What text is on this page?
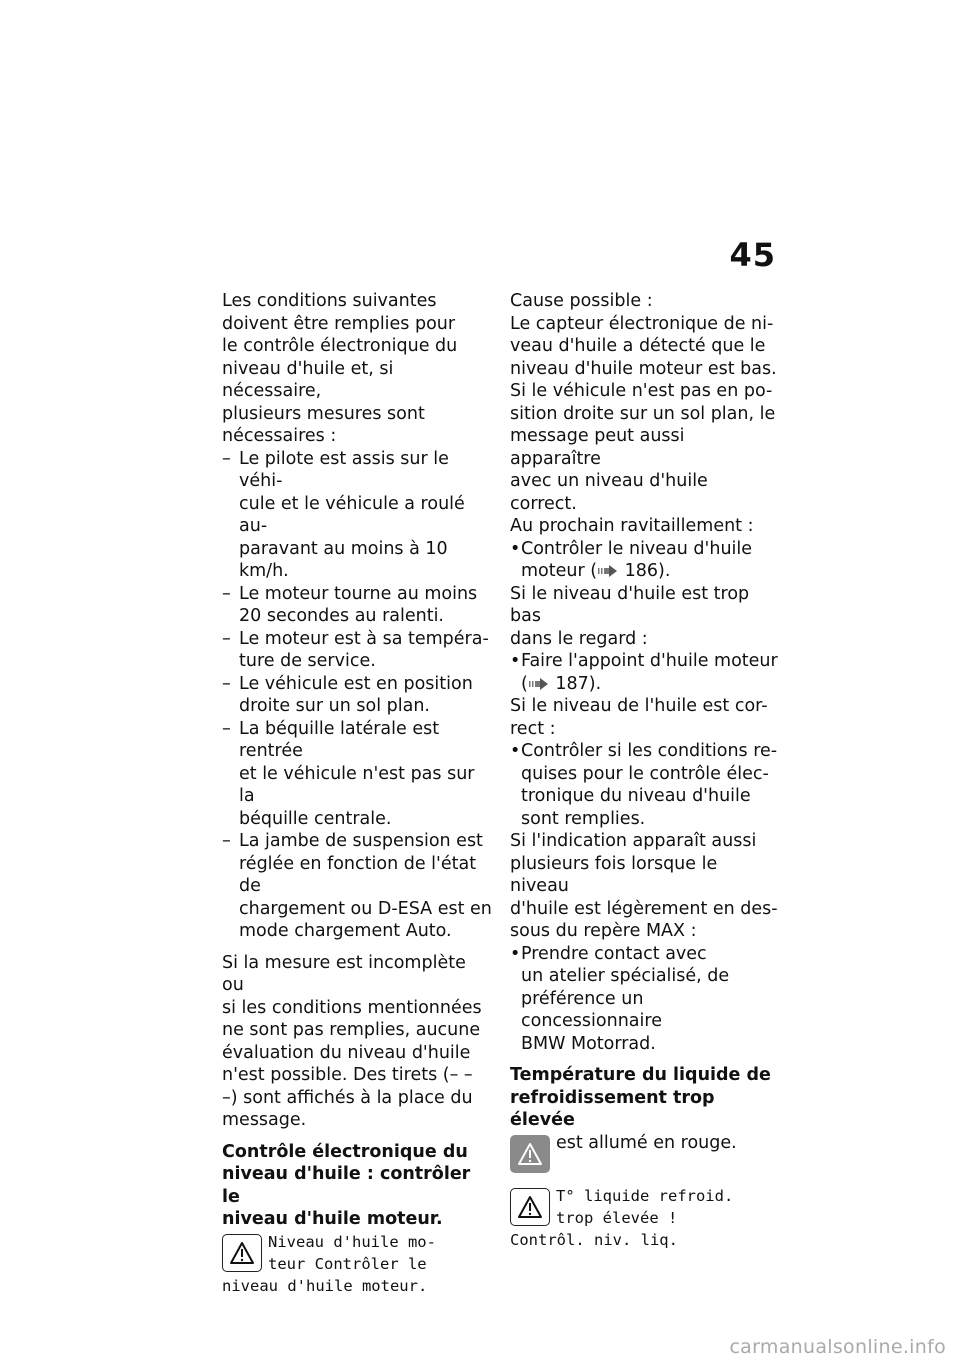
45
Les conditions suivantes
doivent être remplies pour
le contrôle électronique du
niveau d'huile et, si nécessaire,
plusieurs mesures sont
nécessaires :
– Le pilote est assis sur le véhi-
cule et le véhicule a roulé au-
paravant au moins à 10 km/h.
– Le moteur tourne au moins
20 secondes au ralenti.
– Le moteur est à sa tempéra-
ture de service.
– Le véhicule est en position
droite sur un sol plan.
– La béquille latérale est rentrée
et le véhicule n'est pas sur la
béquille centrale.
– La jambe de suspension est
réglée en fonction de l'état de
chargement ou D-ESA est en
mode chargement Auto.
Si la mesure est incomplète ou
si les conditions mentionnées
ne sont pas remplies, aucune
évaluation du niveau d'huile
n'est possible. Des tirets (– –
–) sont affichés à la place du
message.
Contrôle électronique du
niveau d'huile : contrôler le
niveau d'huile moteur.
Niveau d'huile mo-
teur Contrôler le
niveau d'huile moteur.
Cause possible :
Le capteur électronique de ni-
veau d'huile a détecté que le
niveau d'huile moteur est bas.
Si le véhicule n'est pas en po-
sition droite sur un sol plan, le
message peut aussi apparaître
avec un niveau d'huile correct.
Au prochain ravitaillement :
• Contrôler le niveau d'huile
moteur ( 186).
Si le niveau d'huile est trop bas
dans le regard :
• Faire l'appoint d'huile moteur
( 187).
Si le niveau de l'huile est cor-
rect :
• Contrôler si les conditions re-
quises pour le contrôle élec-
tronique du niveau d'huile
sont remplies.
Si l'indication apparaît aussi
plusieurs fois lorsque le niveau
d'huile est légèrement en des-
sous du repère MAX :
• Prendre contact avec
un atelier spécialisé, de
préférence un concessionnaire
BMW Motorrad.
Température du liquide de
refroidissement trop élevée
est allumé en rouge.
T° liquide refroid.
trop élevée !
Contrôl. niv. liq.
carmanualsonline.info
